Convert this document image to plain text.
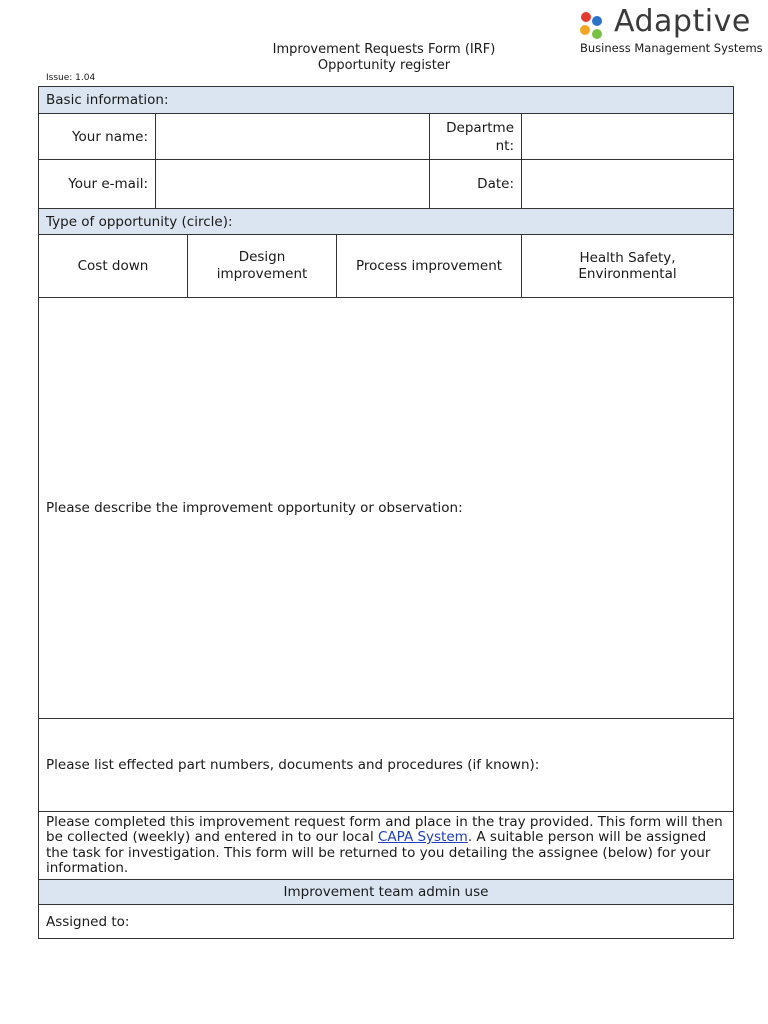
Adaptive
Business Management Systems
Improvement Requests Form (IRF)
Opportunity register
Issue: 1.04
Basic information:					
Your name:				Departme
nt:	
Your e-mail:				Date:	
Type of opportunity (circle):					
Cost down		Design improvement	Process improvement		Health Safety, Environmental

Please describe the improvement opportunity or observation:					

Please list effected part numbers, documents and procedures (if known):					

Please completed this improvement request form and place in the tray provided. This form will then be collected (weekly) and entered in to our local CAPA System. A suitable person will be assigned the task for investigation. This form will be returned to you detailing the assignee (below) for your information.					
Improvement team admin use					
Assigned to:					
